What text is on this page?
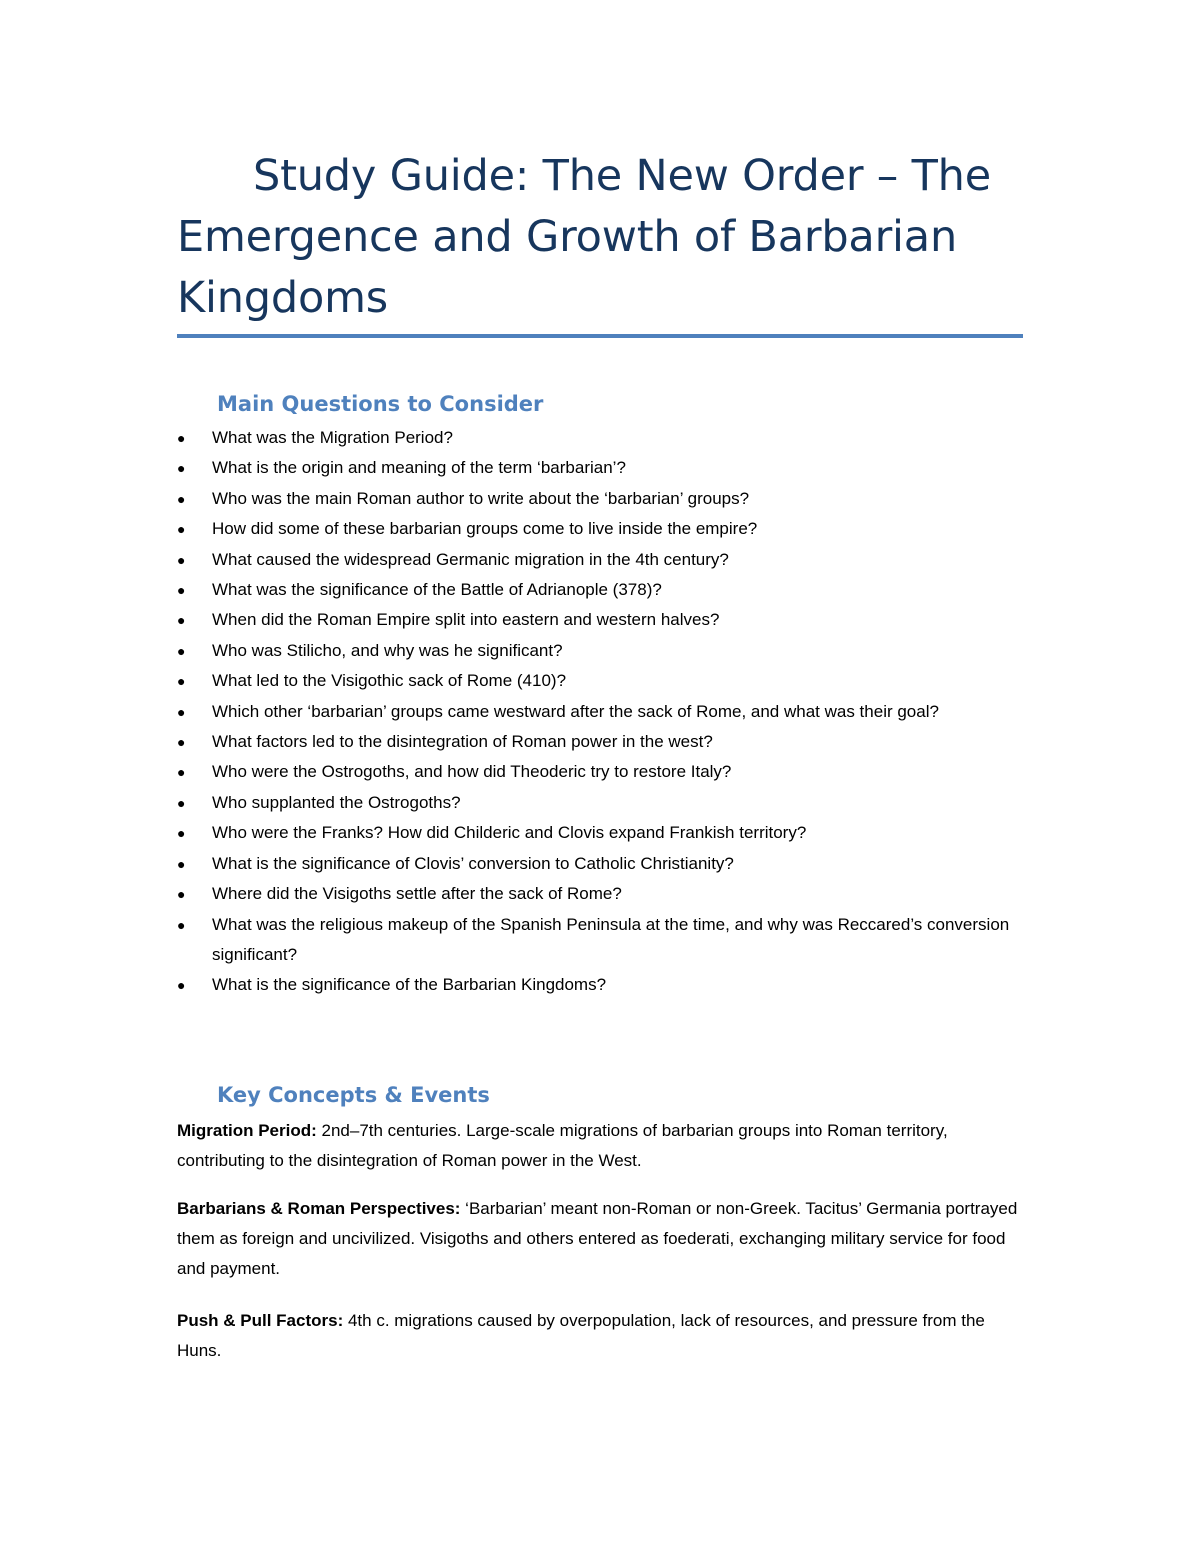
Study Guide: The New Order – The Emergence and Growth of Barbarian Kingdoms
Main Questions to Consider
● What was the Migration Period?
● What is the origin and meaning of the term ‘barbarian’?
● Who was the main Roman author to write about the ‘barbarian’ groups?
● How did some of these barbarian groups come to live inside the empire?
● What caused the widespread Germanic migration in the 4th century?
● What was the significance of the Battle of Adrianople (378)?
● When did the Roman Empire split into eastern and western halves?
● Who was Stilicho, and why was he significant?
● What led to the Visigothic sack of Rome (410)?
● Which other ‘barbarian’ groups came westward after the sack of Rome, and what was their goal?
● What factors led to the disintegration of Roman power in the west?
● Who were the Ostrogoths, and how did Theoderic try to restore Italy?
● Who supplanted the Ostrogoths?
● Who were the Franks? How did Childeric and Clovis expand Frankish territory?
● What is the significance of Clovis’ conversion to Catholic Christianity?
● Where did the Visigoths settle after the sack of Rome?
● What was the religious makeup of the Spanish Peninsula at the time, and why was Reccared’s conversion significant?
● What is the significance of the Barbarian Kingdoms?
Key Concepts & Events

Migration Period: 2nd–7th centuries. Large-scale migrations of barbarian groups into Roman territory, contributing to the disintegration of Roman power in the West.

Barbarians & Roman Perspectives: ‘Barbarian’ meant non-Roman or non-Greek. Tacitus’ Germania portrayed them as foreign and uncivilized. Visigoths and others entered as foederati, exchanging military service for food and payment.

Push & Pull Factors: 4th c. migrations caused by overpopulation, lack of resources, and pressure from the Huns.
